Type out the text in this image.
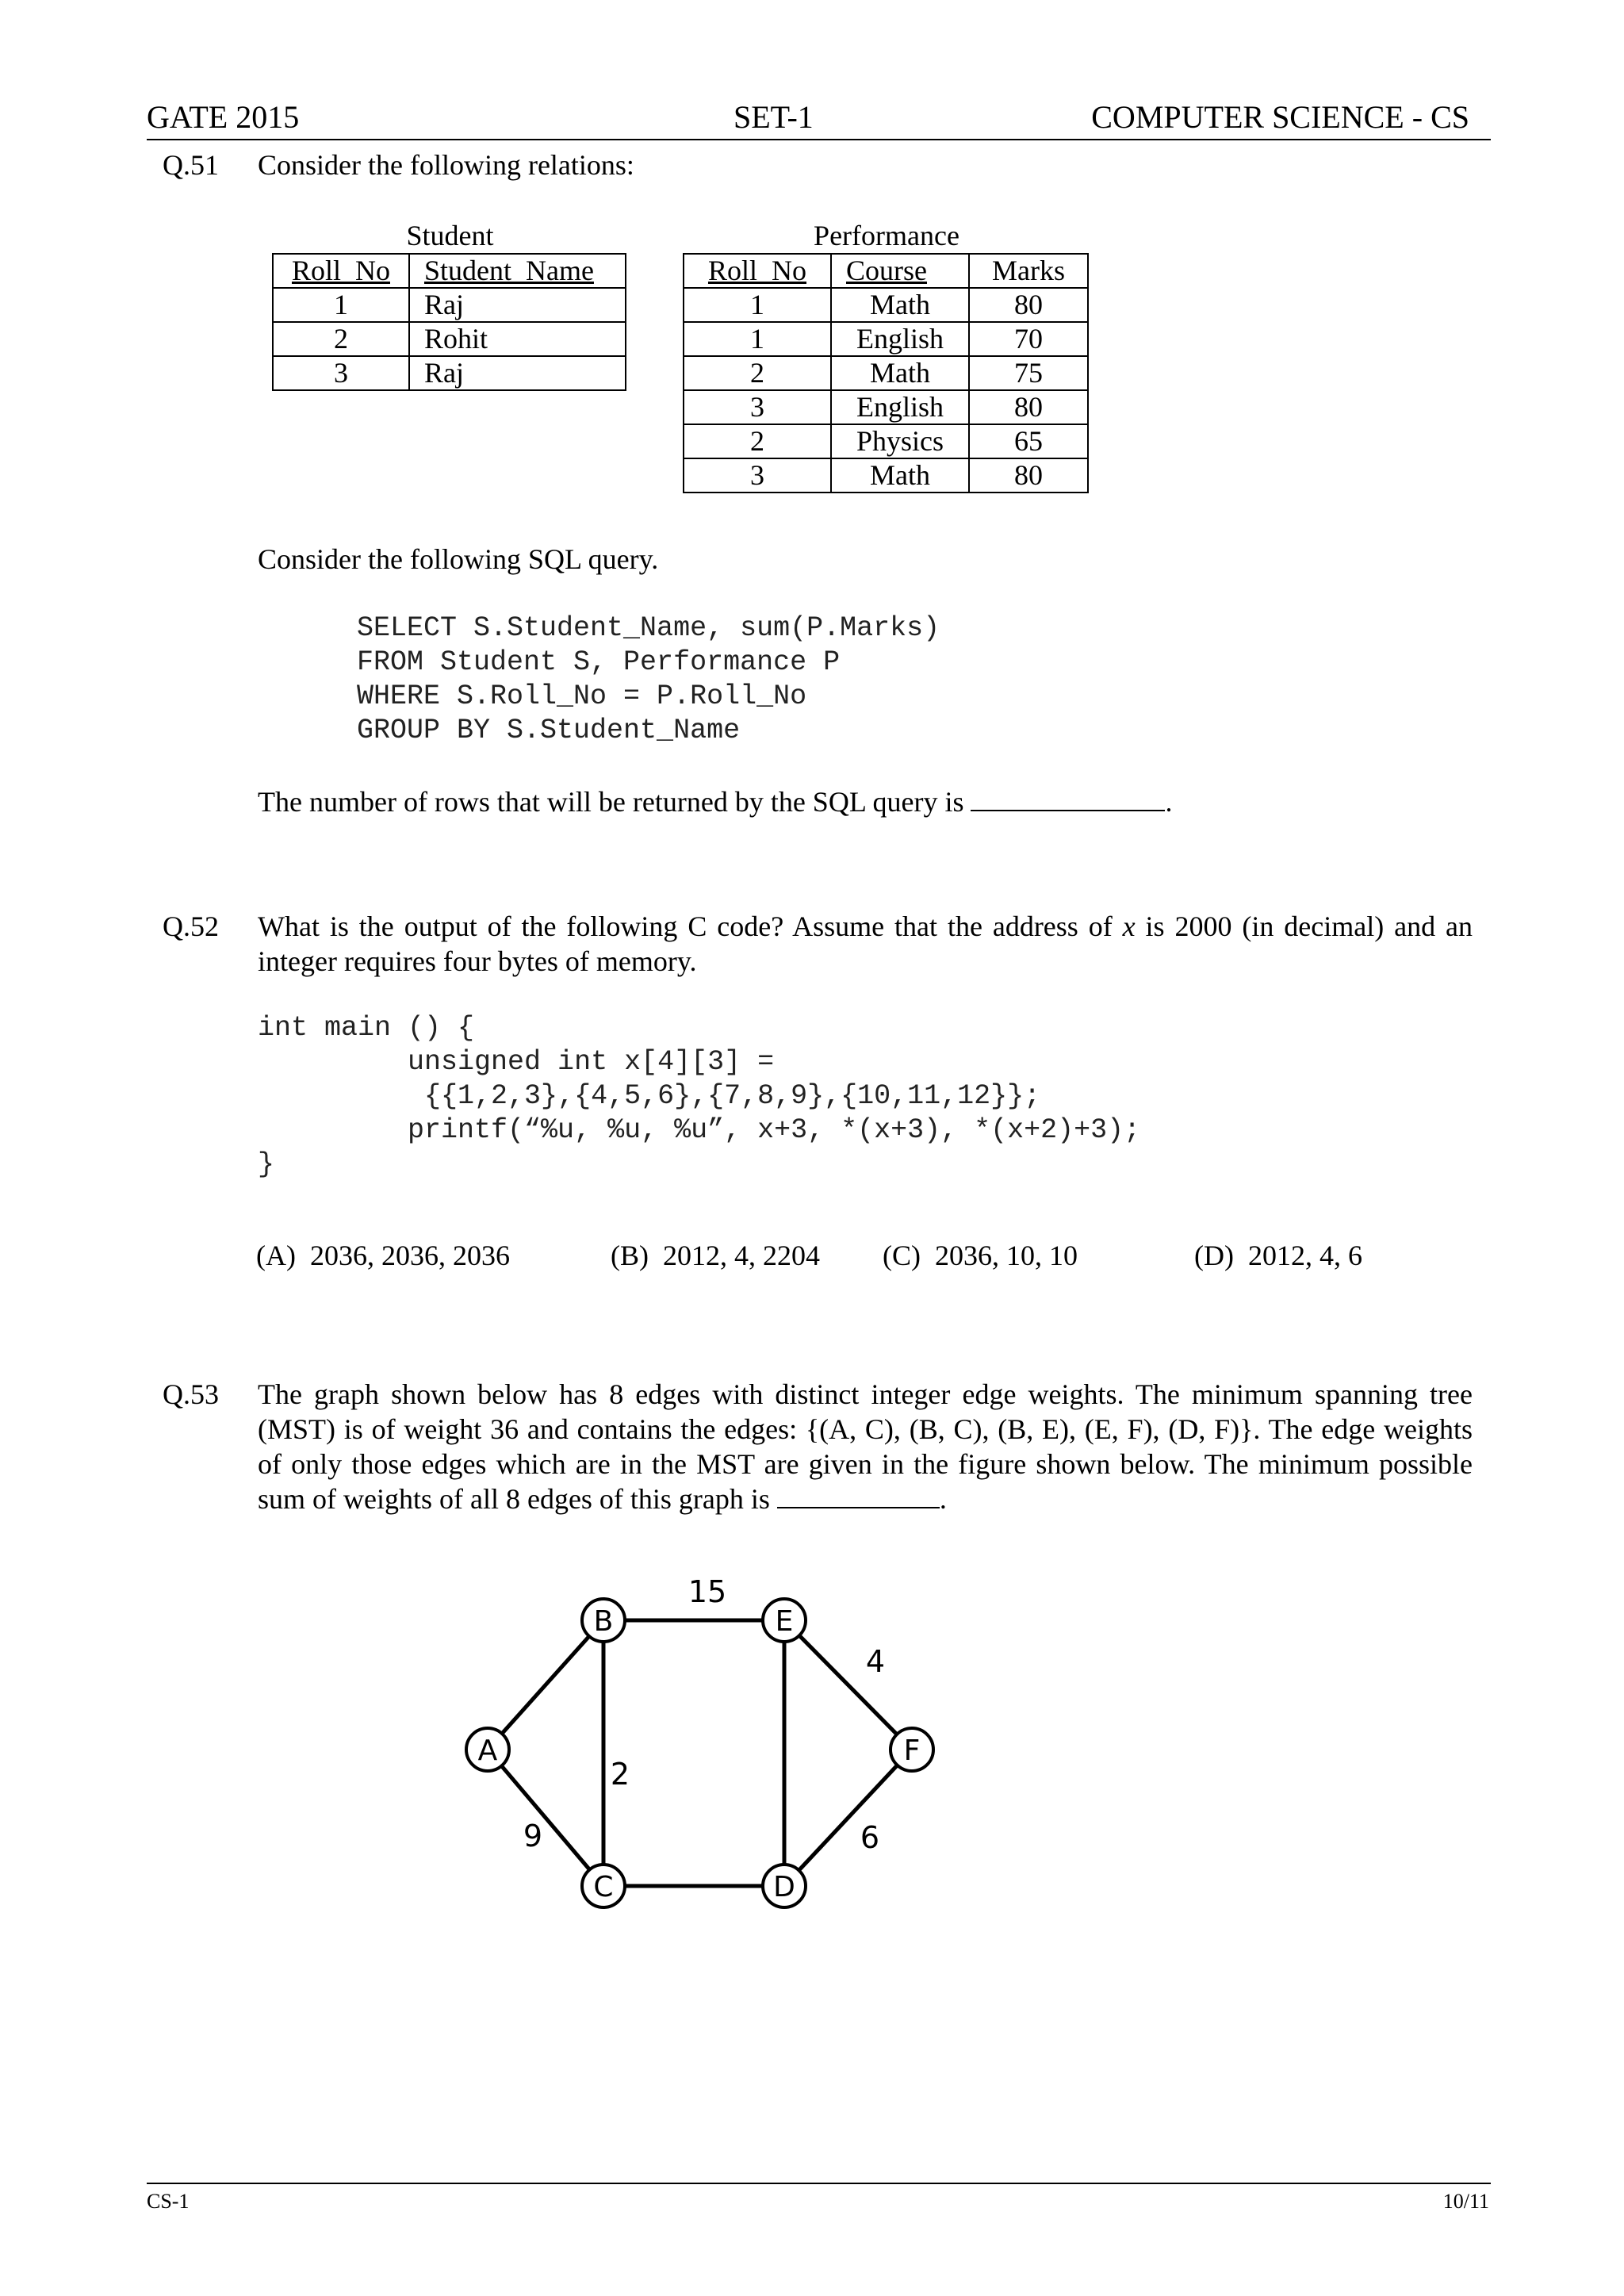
GATE 2015	SET-1	COMPUTER SCIENCE - CS
Q.51 Consider the following relations:
Student
Roll_No	Student_Name
1	Raj
2	Rohit
3	Raj
Performance
Roll_No	Course	Marks
1	Math	80
1	English	70
2	Math	75
3	English	80
2	Physics	65
3	Math	80
Consider the following SQL query.
SELECT S.Student_Name, sum(P.Marks)
FROM Student S, Performance P
WHERE S.Roll_No = P.Roll_No
GROUP BY S.Student_Name
The number of rows that will be returned by the SQL query is	.
Q.52 What is the output of the following C code? Assume that the address of x is 2000 (in decimal) and an integer requires four bytes of memory.
int main () {
unsigned int x[4][3] =
{{1,2,3},{4,5,6},{7,8,9},{10,11,12}};
printf(“%u, %u, %u”, x+3, *(x+3), *(x+2)+3);
}
(A)  2036, 2036, 2036	(B)  2012, 4, 2204 (C)  2036, 10, 10	(D)  2012, 4, 6
Q.53 The graph shown below has 8 edges with distinct integer edge weights. The minimum spanning tree (MST) is of weight 36 and contains the edges: {(A, C), (B, C), (B, E), (E, F), (D, F)}. The edge weights of only those edges which are in the MST are given in the figure shown below. The minimum possible sum of weights of all 8 edges of this graph is	.
15
4
2
9	6
A
B
C	D
E
F
CS-1	10/11
